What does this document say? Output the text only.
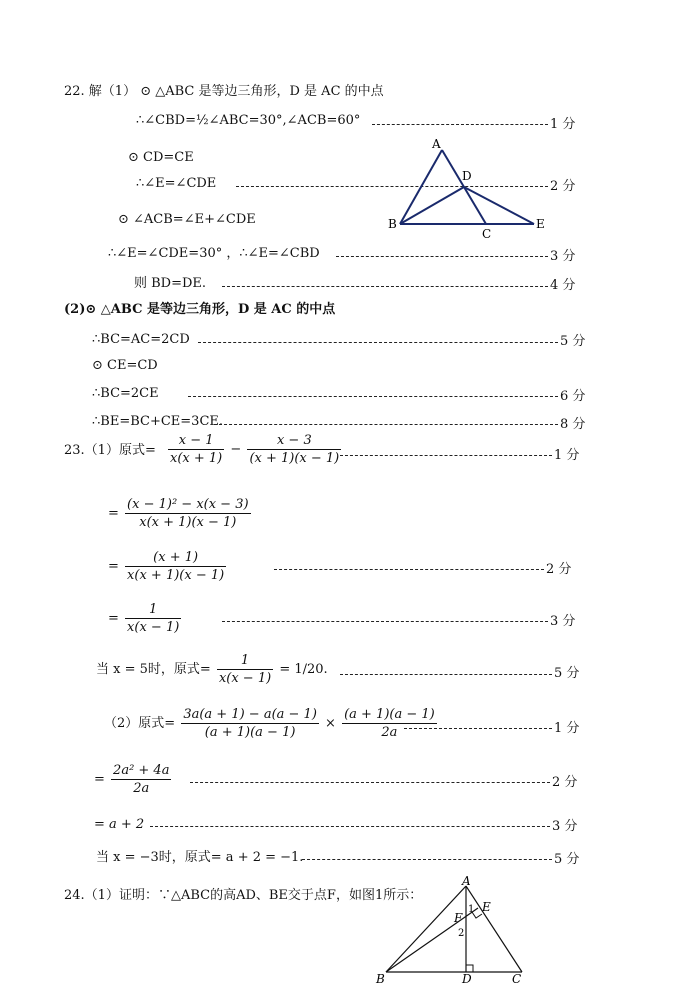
22. 解（1） ⊙ △ABC 是等边三角形，D 是 AC 的中点
∴∠CBD=½∠ABC=30°,∠ACB=60°	1 分
⊙ CD=CE
∴∠E=∠CDE	2 分
⊙ ∠ACB=∠E+∠CDE
∴∠E=∠CDE=30° ，∴∠E=∠CBD	3 分
则 BD=DE.	4 分
(2)⊙ △ABC 是等边三角形，D 是 AC 的中点
∴BC=AC=2CD	5 分
⊙ CE=CD
∴BC=2CE	6 分
∴BE=BC+CE=3CE.	8 分
A
B
C
D
E
23.（1）原式= $\frac{x - 1}{x(x + 1)} - \frac{x - 3}{(x + 1)(x - 1)}$	1 分
= $\frac{\text{(x − 1)² − x(x − 3)}}{x(x + 1)(x - 1)}$
= $\frac{(x + 1)}{x(x + 1)(x - 1)}$	2 分
= $\frac{1}{x(x - 1)}$	3 分
当 x = 5时，原式= $\frac{1}{x(x - 1)} = 1/20$.	5 分
（2）原式= $\frac{3a(a + 1) - a(a - 1)}{(a + 1)(a - 1)} \times \frac{(a + 1)(a - 1)}{2a}$	1 分
= $\frac{\text{2a² + 4a}}{2a}$	2 分
= a + 2	3 分
当 x = −3时，原式= a + 2 = −1.	5 分
24.（1）证明：∵△ABC的高AD、BE交于点F，如图1所示：
A
B	C
D
E
F
1
2
